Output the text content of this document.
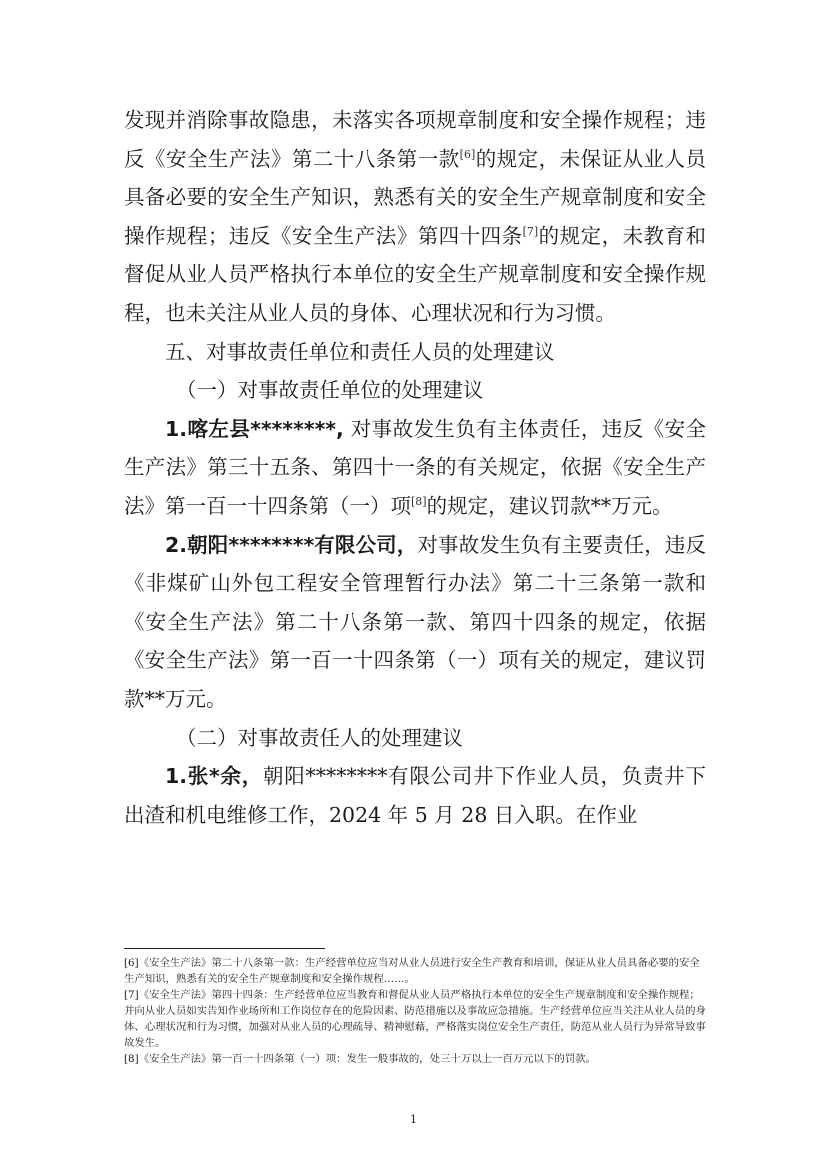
发现并消除事故隐患，未落实各项规章制度和安全操作规程；违反《安全生产法》第二十八条第一款[6]的规定，未保证从业人员具备必要的安全生产知识，熟悉有关的安全生产规章制度和安全操作规程；违反《安全生产法》第四十四条[7]的规定，未教育和督促从业人员严格执行本单位的安全生产规章制度和安全操作规程，也未关注从业人员的身体、心理状况和行为习惯。

五、对事故责任单位和责任人员的处理建议

（一）对事故责任单位的处理建议

1.喀左县********, 对事故发生负有主体责任，违反《安全生产法》第三十五条、第四十一条的有关规定，依据《安全生产法》第一百一十四条第（一）项[8]的规定，建议罚款**万元。

2.朝阳********有限公司，对事故发生负有主要责任，违反《非煤矿山外包工程安全管理暂行办法》第二十三条第一款和《安全生产法》第二十八条第一款、第四十四条的规定，依据《安全生产法》第一百一十四条第（一）项有关的规定，建议罚款**万元。

（二）对事故责任人的处理建议

1.张*余，朝阳********有限公司井下作业人员，负责井下出渣和机电维修工作，2024 年 5 月 28 日入职。在作业

[6]《安全生产法》第二十八条第一款：生产经营单位应当对从业人员进行安全生产教育和培训，保证从业人员具备必要的安全生产知识，熟悉有关的安全生产规章制度和安全操作规程……。

[7]《安全生产法》第四十四条：生产经营单位应当教育和督促从业人员严格执行本单位的安全生产规章制度和安全操作规程；并向从业人员如实告知作业场所和工作岗位存在的危险因素、防范措施以及事故应急措施。生产经营单位应当关注从业人员的身体、心理状况和行为习惯，加强对从业人员的心理疏导、精神慰藉，严格落实岗位安全生产责任，防范从业人员行为异常导致事故发生。

[8]《安全生产法》第一百一十四条第（一）项：发生一般事故的，处三十万以上一百万元以下的罚款。

1
